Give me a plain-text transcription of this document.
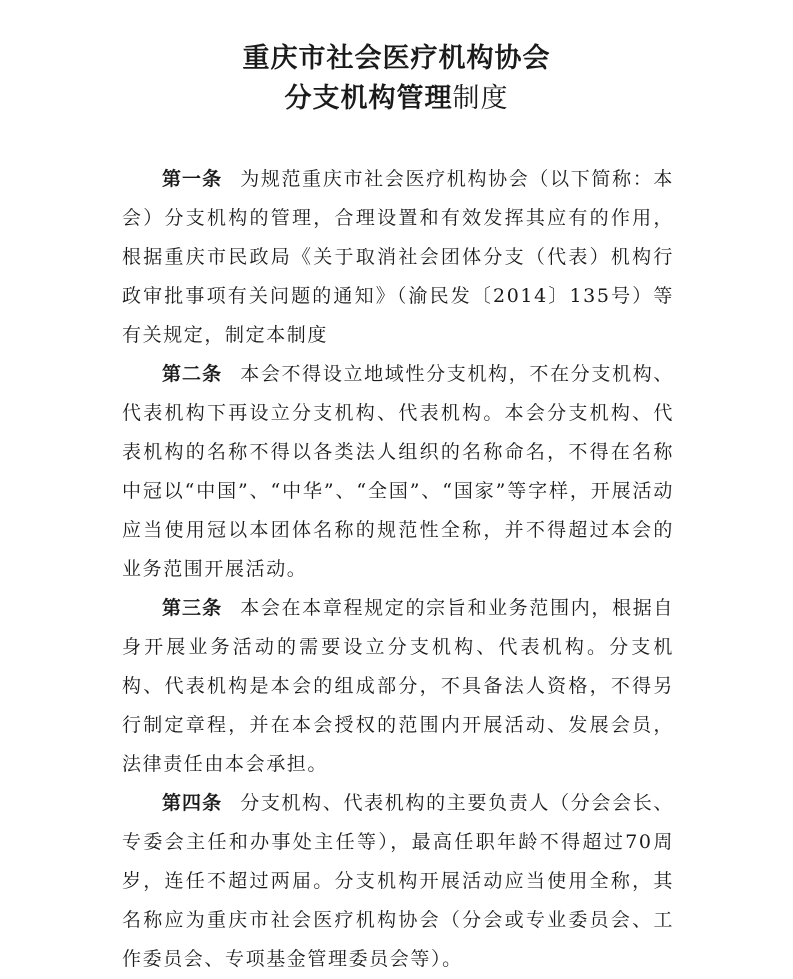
重庆市社会医疗机构协会
分支机构管理制度

第一条 为规范重庆市社会医疗机构协会（以下简称：本会）分支机构的管理，合理设置和有效发挥其应有的作用，根据重庆市民政局《关于取消社会团体分支（代表）机构行政审批事项有关问题的通知》（渝民发〔2014〕135号）等有关规定，制定本制度

第二条 本会不得设立地域性分支机构，不在分支机构、代表机构下再设立分支机构、代表机构。本会分支机构、代表机构的名称不得以各类法人组织的名称命名，不得在名称中冠以“中国”、“中华”、“全国”、“国家”等字样，开展活动应当使用冠以本团体名称的规范性全称，并不得超过本会的业务范围开展活动。

第三条 本会在本章程规定的宗旨和业务范围内，根据自身开展业务活动的需要设立分支机构、代表机构。分支机构、代表机构是本会的组成部分，不具备法人资格，不得另行制定章程，并在本会授权的范围内开展活动、发展会员，法律责任由本会承担。

第四条 分支机构、代表机构的主要负责人（分会会长、专委会主任和办事处主任等），最高任职年龄不得超过70周岁，连任不超过两届。分支机构开展活动应当使用全称，其名称应为重庆市社会医疗机构协会（分会或专业委员会、工作委员会、专项基金管理委员会等）。
